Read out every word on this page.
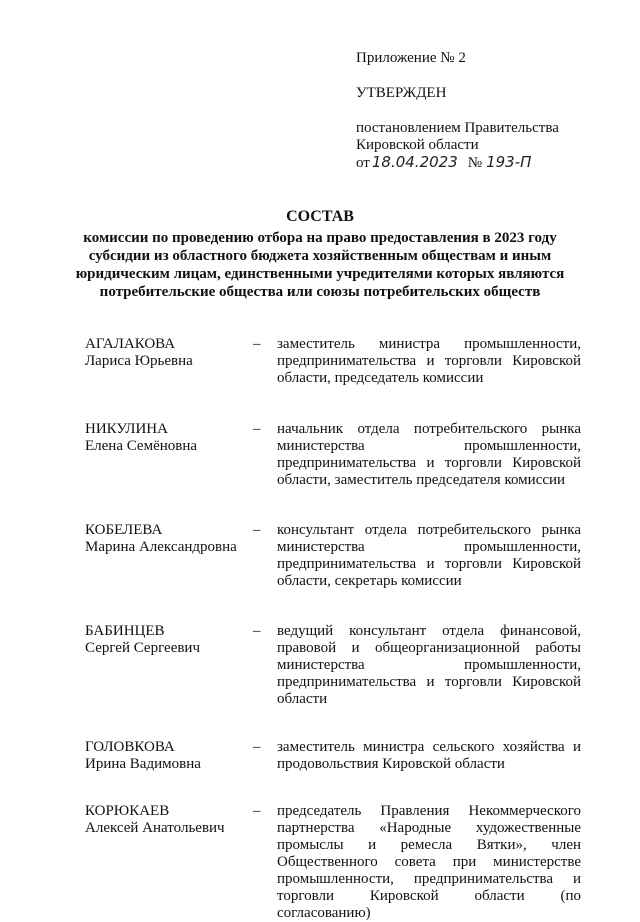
Приложение № 2
УТВЕРЖДЕН
постановлением Правительства
Кировской области
от 18.04.2023 № 193-П
СОСТАВ
комиссии по проведению отбора на право предоставления в 2023 году
субсидии из областного бюджета хозяйственным обществам и иным
юридическим лицам, единственными учредителями которых являются
потребительские общества или союзы потребительских обществ
АГАЛАКОВА
Лариса Юрьевна
–	заместитель министра промышленности, предпринимательства и торговли Кировской области, председатель комиссии
НИКУЛИНА
Елена Семёновна
–	начальник отдела потребительского рынка министерства промышленности, предпринимательства и торговли Кировской области, заместитель председателя комиссии
КОБЕЛЕВА
Марина Александровна
–	консультант отдела потребительского рынка министерства промышленности, предпринимательства и торговли Кировской области, секретарь комиссии
БАБИНЦЕВ
Сергей Сергеевич
–	ведущий консультант отдела финансовой, правовой и общеорганизационной работы министерства промышленности, предпринимательства и торговли Кировской области
ГОЛОВКОВА
Ирина Вадимовна
–	заместитель министра сельского хозяйства и продовольствия Кировской области
КОРЮКАЕВ
Алексей Анатольевич
–	председатель Правления Некоммерческого партнерства «Народные художественные промыслы и ремесла Вятки», член Общественного совета при министерстве промышленности, предпринимательства и торговли Кировской области (по согласованию)
